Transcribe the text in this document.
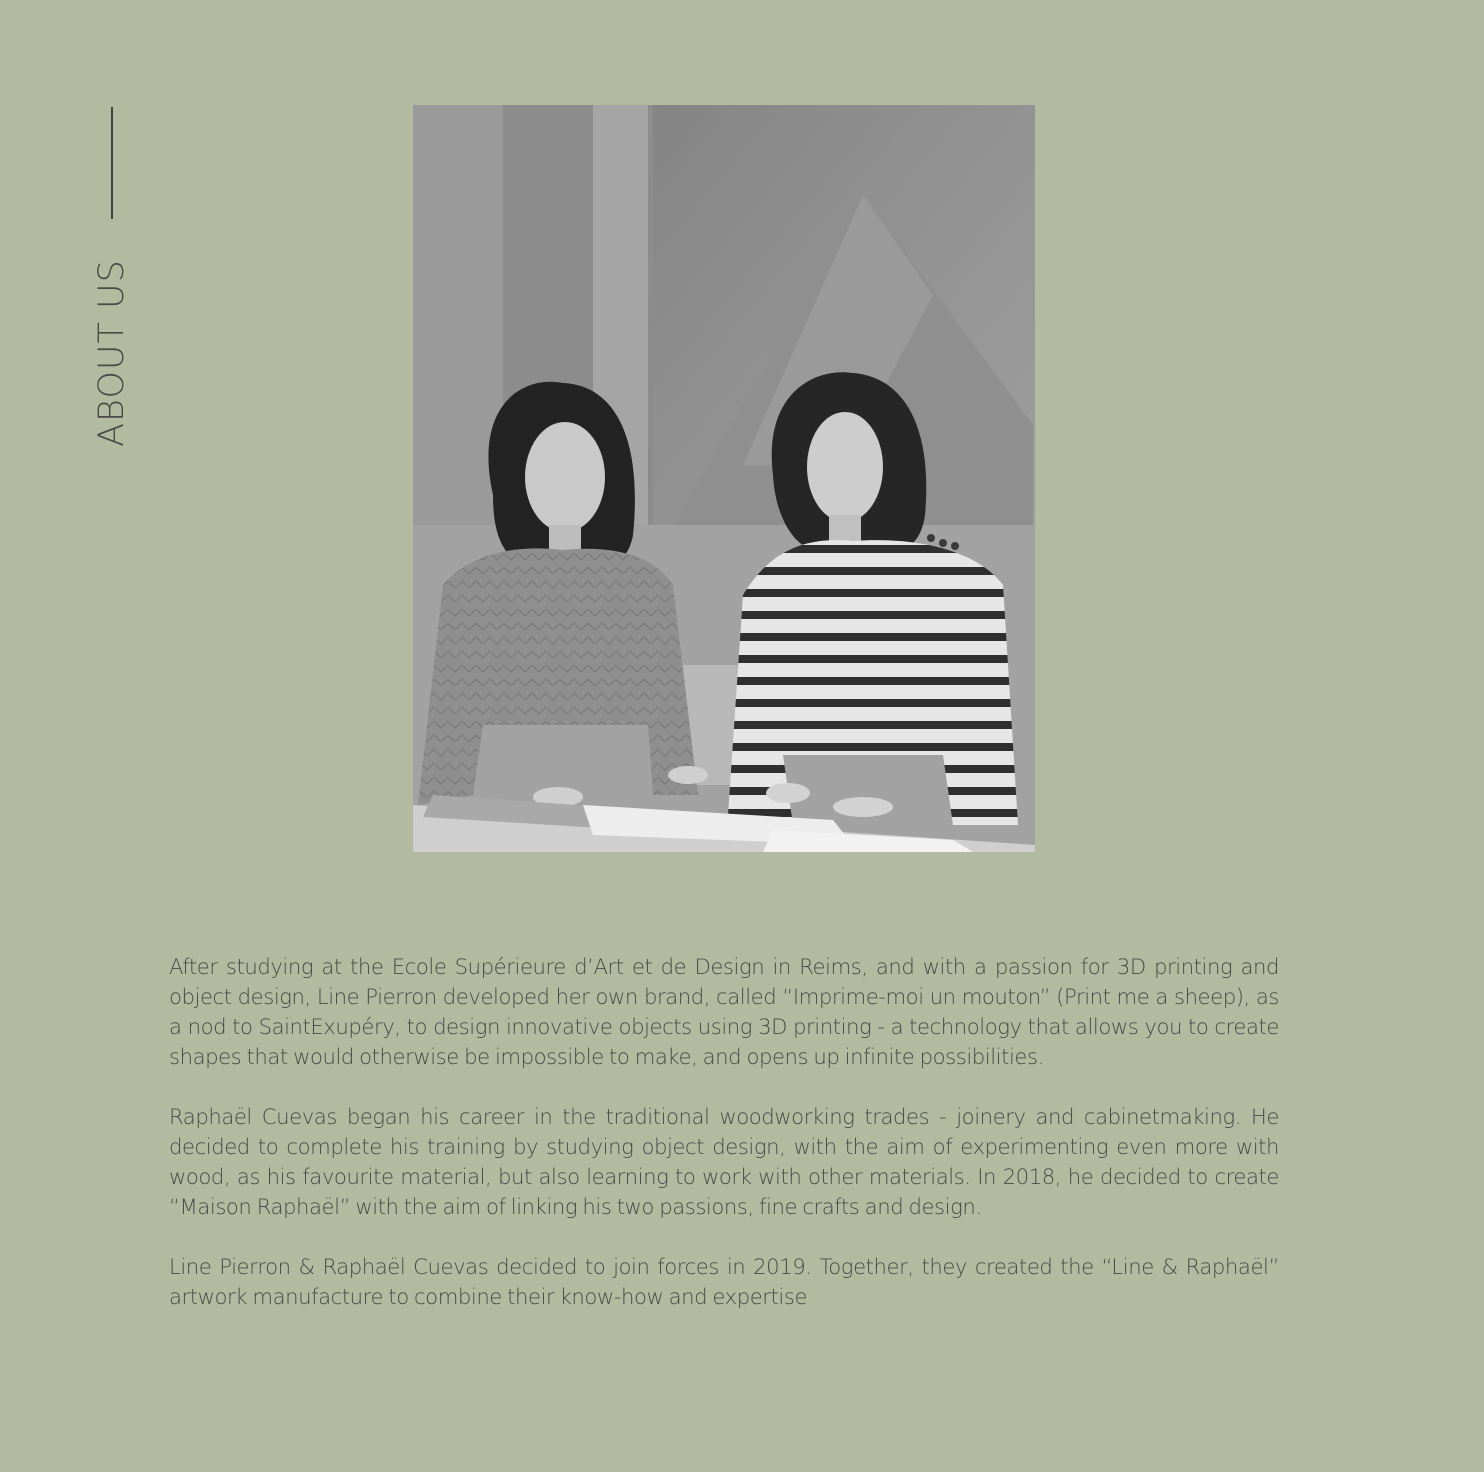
ABOUT US

After studying at the Ecole Supérieure d’Art et de Design in Reims, and with a passion for 3D printing and object design, Line Pierron developed her own brand, called “Imprime-moi un mouton” (Print me a sheep), as a nod to SaintExupéry, to design innovative objects using 3D printing - a technology that allows you to create shapes that would otherwise be impossible to make, and opens up infinite possibilities.

Raphaël Cuevas began his career in the traditional woodworking trades - joinery and cabinetmaking. He decided to complete his training by studying object design, with the aim of experimenting even more with wood, as his favourite material, but also learning to work with other materials. In 2018, he decided to create “Maison Raphaël” with the aim of linking his two passions, fine crafts and design.

Line Pierron & Raphaël Cuevas decided to join forces in 2019. Together, they created the “Line & Raphaël” artwork manufacture to combine their know-how and expertise
